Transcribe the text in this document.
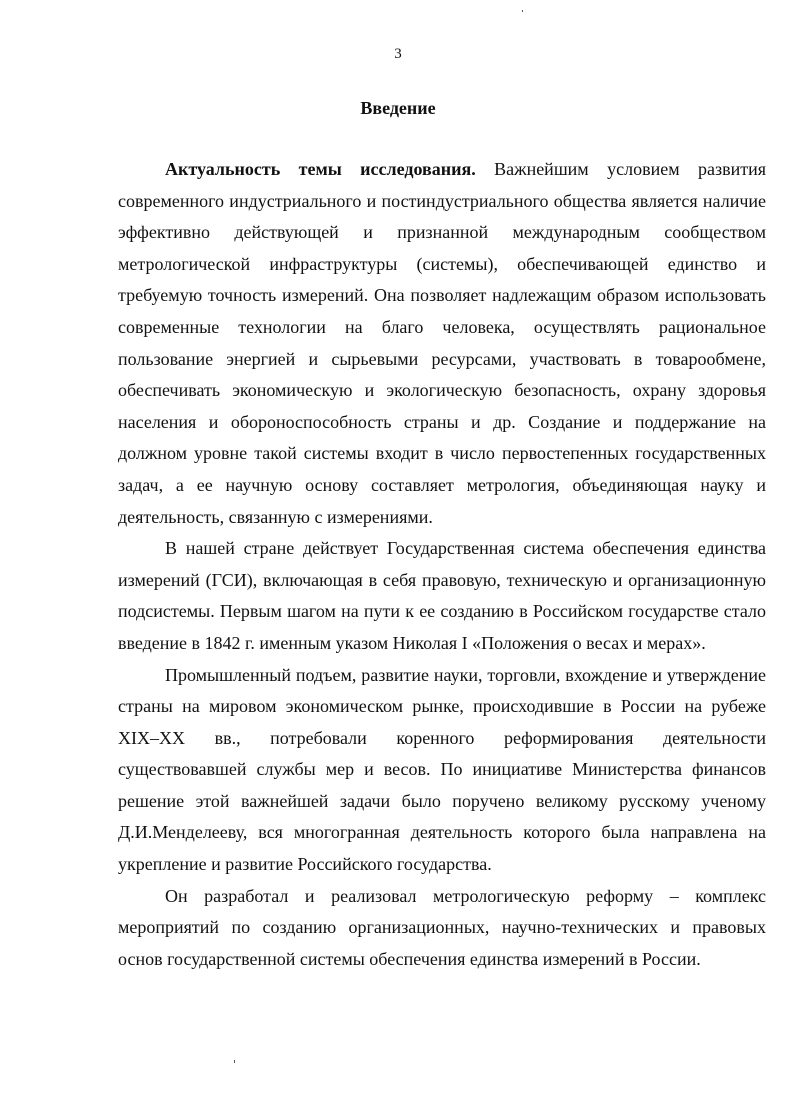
3
Введение

Актуальность темы исследования. Важнейшим условием развития современного индустриального и постиндустриального общества является наличие эффективно действующей и признанной международным сообществом метрологической инфраструктуры (системы), обеспечивающей единство и требуемую точность измерений. Она позволяет надлежащим образом использовать современные технологии на благо человека, осуществлять рациональное пользование энергией и сырьевыми ресурсами, участвовать в товарообмене, обеспечивать экономическую и экологическую безопасность, охрану здоровья населения и обороноспособность страны и др. Создание и поддержание на должном уровне такой системы входит в число первостепенных государственных задач, а ее научную основу составляет метрология, объединяющая науку и деятельность, связанную с измерениями.

В нашей стране действует Государственная система обеспечения единства измерений (ГСИ), включающая в себя правовую, техническую и организационную подсистемы. Первым шагом на пути к ее созданию в Российском государстве стало введение в 1842 г. именным указом Николая I «Положения о весах и мерах».

Промышленный подъем, развитие науки, торговли, вхождение и утверждение страны на мировом экономическом рынке, происходившие в России на рубеже XIX–XX вв., потребовали коренного реформирования деятельности существовавшей службы мер и весов. По инициативе Министерства финансов решение этой важнейшей задачи было поручено великому русскому ученому Д.И.Менделееву, вся многогранная деятельность которого была направлена на укрепление и развитие Российского государства.

Он разработал и реализовал метрологическую реформу – комплекс мероприятий по созданию организационных, научно-технических и правовых основ государственной системы обеспечения единства измерений в России.
